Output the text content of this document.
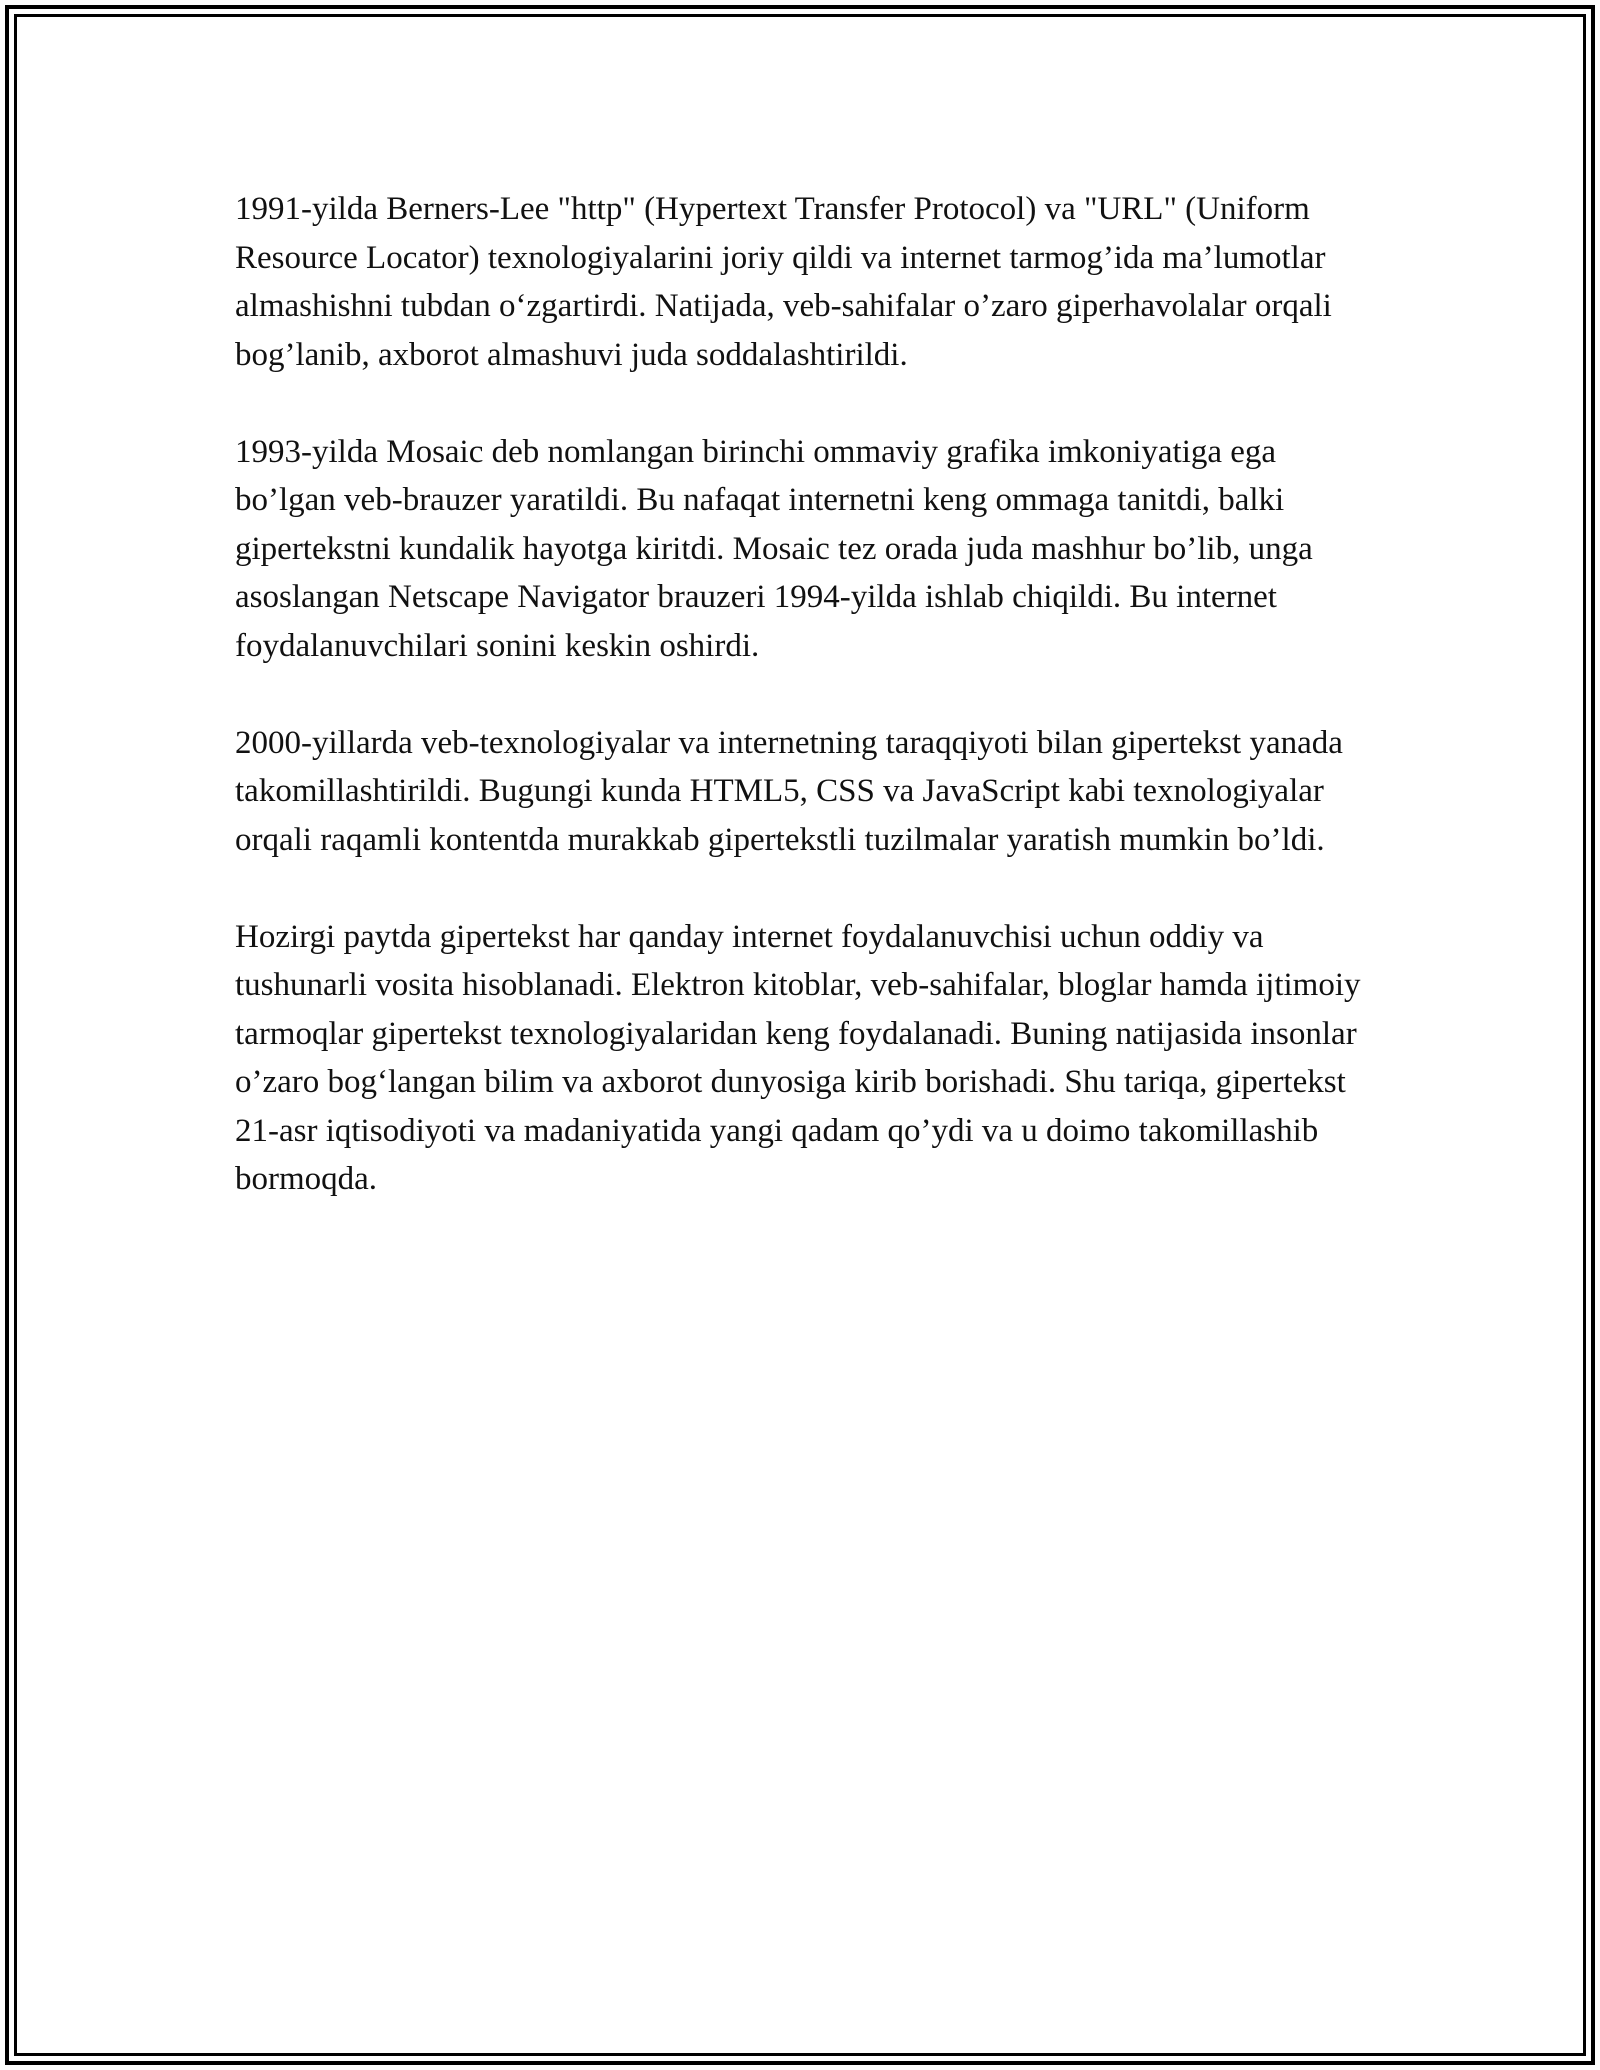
1991-yilda Berners-Lee "http" (Hypertext Transfer Protocol) va "URL" (Uniform Resource Locator) texnologiyalarini joriy qildi va internet tarmog’ida ma’lumotlar almashishni tubdan o‘zgartirdi. Natijada, veb-sahifalar o’zaro giperhavolalar orqali bog’lanib, axborot almashuvi juda soddalashtirildi.

1993-yilda Mosaic deb nomlangan birinchi ommaviy grafika imkoniyatiga ega bo’lgan veb-brauzer yaratildi. Bu nafaqat internetni keng ommaga tanitdi, balki gipertekstni kundalik hayotga kiritdi. Mosaic tez orada juda mashhur bo’lib, unga asoslangan Netscape Navigator brauzeri 1994-yilda ishlab chiqildi. Bu internet foydalanuvchilari sonini keskin oshirdi.

2000-yillarda veb-texnologiyalar va internetning taraqqiyoti bilan gipertekst yanada takomillashtirildi. Bugungi kunda HTML5, CSS va JavaScript kabi texnologiyalar orqali raqamli kontentda murakkab gipertekstli tuzilmalar yaratish mumkin bo’ldi.

Hozirgi paytda gipertekst har qanday internet foydalanuvchisi uchun oddiy va tushunarli vosita hisoblanadi. Elektron kitoblar, veb-sahifalar, bloglar hamda ijtimoiy tarmoqlar gipertekst texnologiyalaridan keng foydalanadi. Buning natijasida insonlar o’zaro bog‘langan bilim va axborot dunyosiga kirib borishadi. Shu tariqa, gipertekst 21-asr iqtisodiyoti va madaniyatida yangi qadam qo’ydi va u doimo takomillashib bormoqda.
